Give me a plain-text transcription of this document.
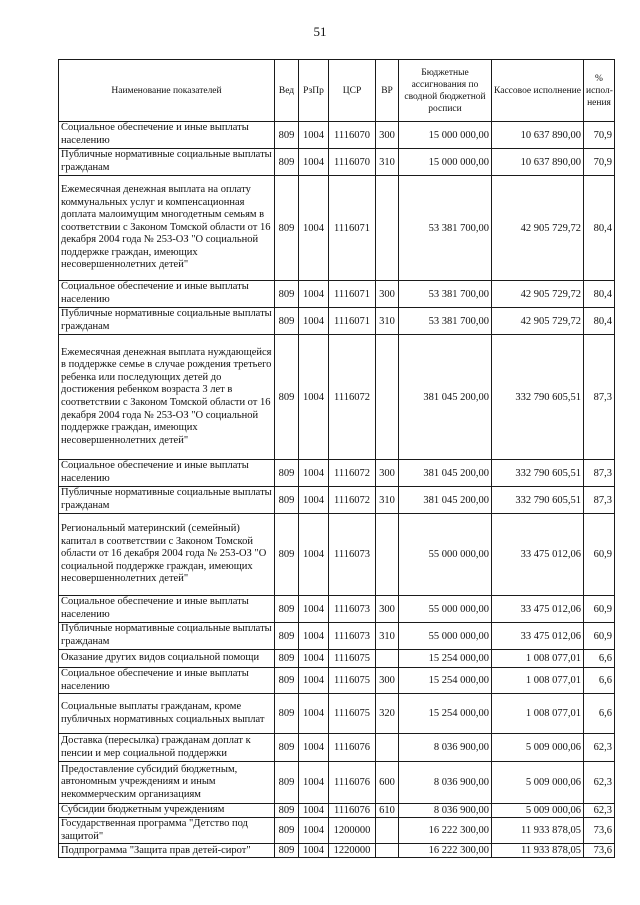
51
Наименование показателей	Вед	РзПр	ЦСР	ВР	Бюджетные ассигнования по сводной бюджетной росписи	Кассовое исполнение	% испол-нения
Социальное обеспечение и иные выплаты населению	809	1004	1116070	300	15 000 000,00	10 637 890,00	70,9
Публичные нормативные социальные выплаты гражданам	809	1004	1116070	310	15 000 000,00	10 637 890,00	70,9
Ежемесячная денежная выплата на оплату коммунальных услуг и компенсационная доплата малоимущим многодетным семьям в соответствии с Законом Томской области от 16 декабря 2004 года № 253-ОЗ "О социальной поддержке граждан, имеющих несовершеннолетних детей"	809	1004	1116071		53 381 700,00	42 905 729,72	80,4
Социальное обеспечение и иные выплаты населению	809	1004	1116071	300	53 381 700,00	42 905 729,72	80,4
Публичные нормативные социальные выплаты гражданам	809	1004	1116071	310	53 381 700,00	42 905 729,72	80,4
Ежемесячная денежная выплата нуждающейся в поддержке семье в случае рождения третьего ребенка или последующих детей до достижения ребенком возраста 3 лет в соответствии с Законом Томской области от 16 декабря 2004 года № 253-ОЗ "О социальной поддержке граждан, имеющих несовершеннолетних детей"	809	1004	1116072		381 045 200,00	332 790 605,51	87,3
Социальное обеспечение и иные выплаты населению	809	1004	1116072	300	381 045 200,00	332 790 605,51	87,3
Публичные нормативные социальные выплаты гражданам	809	1004	1116072	310	381 045 200,00	332 790 605,51	87,3
Региональный материнский (семейный) капитал в соответствии с Законом Томской области от 16 декабря 2004 года № 253-ОЗ "О социальной поддержке граждан, имеющих несовершеннолетних детей"	809	1004	1116073		55 000 000,00	33 475 012,06	60,9
Социальное обеспечение и иные выплаты населению	809	1004	1116073	300	55 000 000,00	33 475 012,06	60,9
Публичные нормативные социальные выплаты гражданам	809	1004	1116073	310	55 000 000,00	33 475 012,06	60,9
Оказание других видов социальной помощи	809	1004	1116075		15 254 000,00	1 008 077,01	6,6
Социальное обеспечение и иные выплаты населению	809	1004	1116075	300	15 254 000,00	1 008 077,01	6,6
Социальные выплаты гражданам, кроме публичных нормативных социальных выплат	809	1004	1116075	320	15 254 000,00	1 008 077,01	6,6
Доставка (пересылка) гражданам доплат к пенсии и мер социальной поддержки	809	1004	1116076		8 036 900,00	5 009 000,06	62,3
Предоставление субсидий бюджетным, автономным учреждениям и иным некоммерческим организациям	809	1004	1116076	600	8 036 900,00	5 009 000,06	62,3
Субсидии бюджетным учреждениям	809	1004	1116076	610	8 036 900,00	5 009 000,06	62,3
Государственная программа "Детство под защитой"	809	1004	1200000		16 222 300,00	11 933 878,05	73,6
Подпрограмма "Защита прав детей-сирот"	809	1004	1220000		16 222 300,00	11 933 878,05	73,6
